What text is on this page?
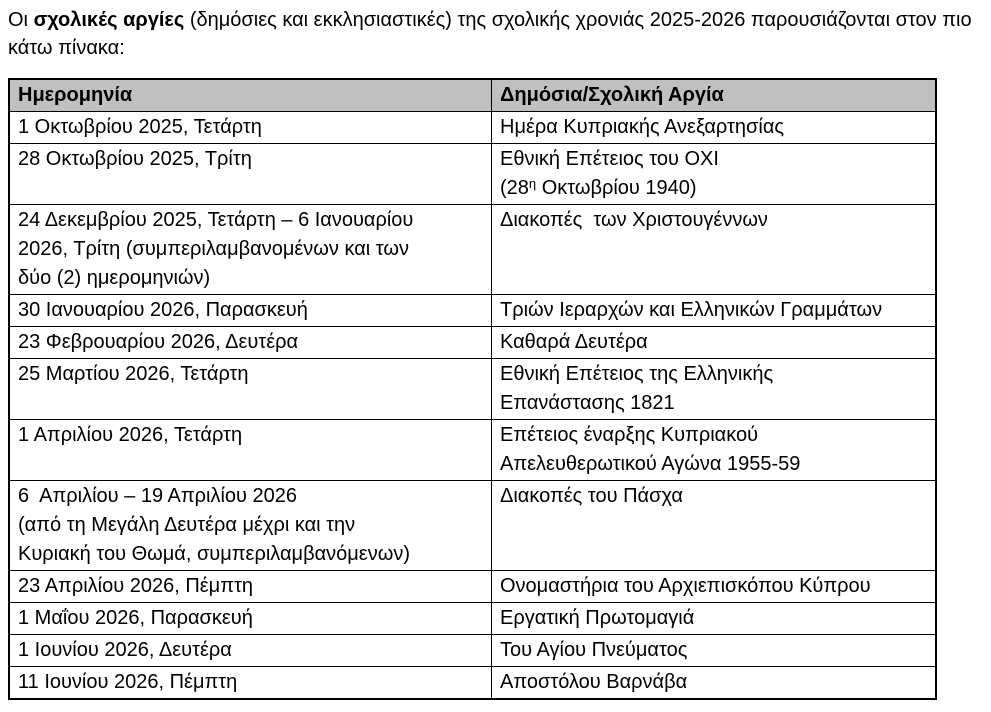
Οι σχολικές αργίες (δημόσιες και εκκλησιαστικές) της σχολικής χρονιάς 2025-2026 παρουσιάζονται στον πιο κάτω πίνακα:

Ημερομηνία	Δημόσια/Σχολική Αργία

1 Οκτωβρίου 2025, Τετάρτη	Ημέρα Κυπριακής Ανεξαρτησίας

28 Οκτωβρίου 2025, Τρίτη	Εθνική Επέτειος του ΟΧΙ
($28^\eta$ Οκτωβρίου 1940)

24 Δεκεμβρίου 2025, Τετάρτη – 6 Ιανουαρίου
2026, Τρίτη (συμπεριλαμβανομένων και των
δύο (2) ημερομηνιών)	Διακοπές  των Χριστουγέννων

30 Ιανουαρίου 2026, Παρασκευή	Τριών Ιεραρχών και Ελληνικών Γραμμάτων

23 Φεβρουαρίου 2026, Δευτέρα	Καθαρά Δευτέρα

25 Μαρτίου 2026, Τετάρτη	Εθνική Επέτειος της Ελληνικής
Επανάστασης 1821

1 Απριλίου 2026, Τετάρτη	Επέτειος έναρξης Κυπριακού
Απελευθερωτικού Αγώνα 1955-59

6  Απριλίου – 19 Απριλίου 2026
(από τη Μεγάλη Δευτέρα μέχρι και την
Κυριακή του Θωμά, συμπεριλαμβανόμενων)	Διακοπές του Πάσχα

23 Απριλίου 2026, Πέμπτη	Ονομαστήρια του Αρχιεπισκόπου Κύπρου

1 Μαΐου 2026, Παρασκευή	Εργατική Πρωτομαγιά

1 Ιουνίου 2026, Δευτέρα	Του Αγίου Πνεύματος

11 Ιουνίου 2026, Πέμπτη	Αποστόλου Βαρνάβα
